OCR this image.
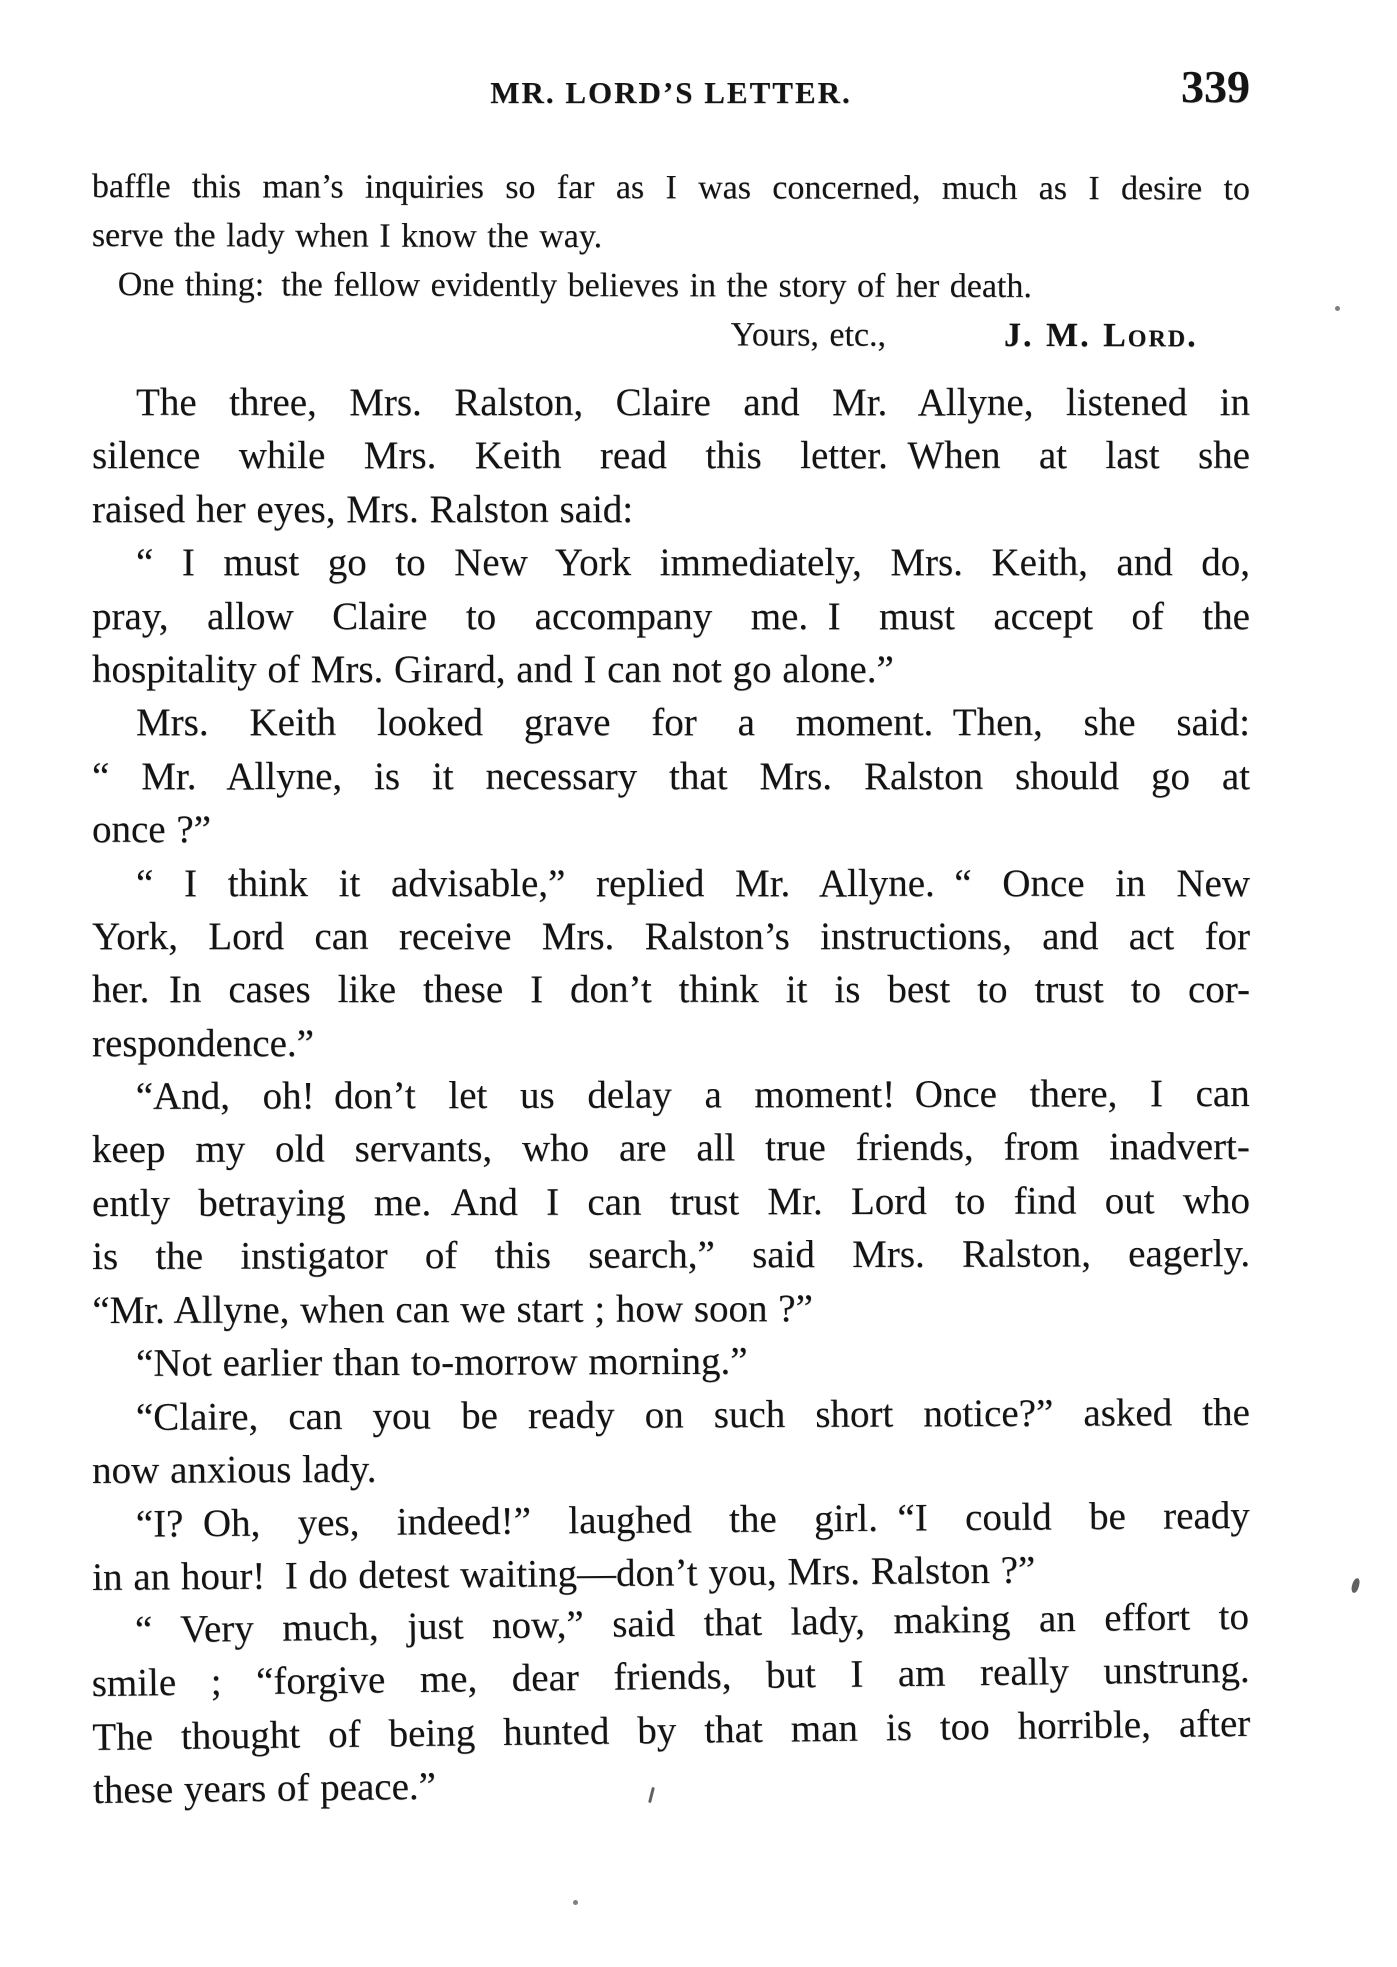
MR. LORD’S LETTER.	339
baffle this man’s inquiries so far as I was concerned, much as I desire to
serve the lady when I know the way.
One thing: the fellow evidently believes in the story of her death.
Yours, etc.,	J. M. Lord.
The three, Mrs. Ralston, Claire and Mr. Allyne, listened in
silence while Mrs. Keith read this letter. When at last she
raised her eyes, Mrs. Ralston said:
“ I must go to New York immediately, Mrs. Keith, and do,
pray, allow Claire to accompany me. I must accept of the
hospitality of Mrs. Girard, and I can not go alone.”
Mrs. Keith looked grave for a moment. Then, she said:
“ Mr. Allyne, is it necessary that Mrs. Ralston should go at
once ?”
“ I think it advisable,” replied Mr. Allyne. “ Once in New
York, Lord can receive Mrs. Ralston’s instructions, and act for
her. In cases like these I don’t think it is best to trust to cor-
respondence.”
“And, oh! don’t let us delay a moment! Once there, I can
keep my old servants, who are all true friends, from inadvert-
ently betraying me. And I can trust Mr. Lord to find out who
is the instigator of this search,” said Mrs. Ralston, eagerly.
“Mr. Allyne, when can we start ; how soon ?”
“Not earlier than to-morrow morning.”
“Claire, can you be ready on such short notice?” asked the
now anxious lady.
“I? Oh, yes, indeed!” laughed the girl. “I could be ready
in an hour! I do detest waiting—don’t you, Mrs. Ralston ?”
“ Very much, just now,” said that lady, making an effort to
smile ; “forgive me, dear friends, but I am really unstrung.
The thought of being hunted by that man is too horrible, after
these years of peace.”
